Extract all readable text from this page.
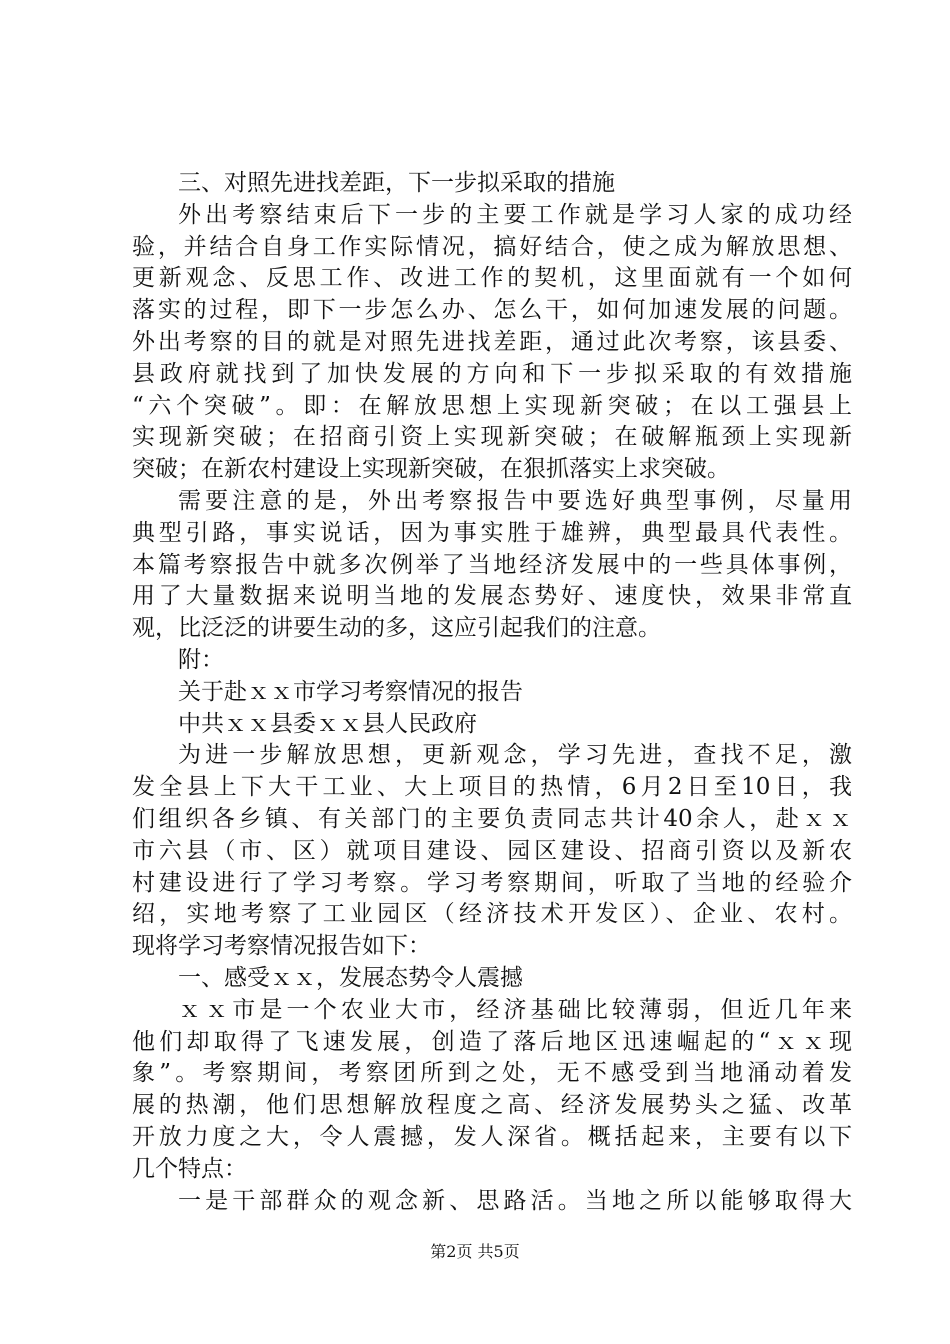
三、对照先进找差距，下一步拟采取的措施
外出考察结束后下一步的主要工作就是学习人家的成功经
验，并结合自身工作实际情况，搞好结合，使之成为解放思想、
更新观念、反思工作、改进工作的契机，这里面就有一个如何
落实的过程，即下一步怎么办、怎么干，如何加速发展的问题。
外出考察的目的就是对照先进找差距，通过此次考察，该县委、
县政府就找到了加快发展的方向和下一步拟采取的有效措施
“六个突破”。即：在解放思想上实现新突破；在以工强县上
实现新突破；在招商引资上实现新突破；在破解瓶颈上实现新
突破；在新农村建设上实现新突破，在狠抓落实上求突破。
需要注意的是，外出考察报告中要选好典型事例，尽量用
典型引路，事实说话，因为事实胜于雄辨，典型最具代表性。
本篇考察报告中就多次例举了当地经济发展中的一些具体事例，
用了大量数据来说明当地的发展态势好、速度快，效果非常直
观，比泛泛的讲要生动的多，这应引起我们的注意。
附：
关于赴ｘｘ市学习考察情况的报告
中共ｘｘ县委ｘｘ县人民政府
为进一步解放思想，更新观念，学习先进，查找不足，激
发全县上下大干工业、大上项目的热情，6月2日至10日，我
们组织各乡镇、有关部门的主要负责同志共计40余人，赴ｘｘ
市六县（市、区）就项目建设、园区建设、招商引资以及新农
村建设进行了学习考察。学习考察期间，听取了当地的经验介
绍，实地考察了工业园区（经济技术开发区）、企业、农村。
现将学习考察情况报告如下：
一、感受ｘｘ，发展态势令人震撼
ｘｘ市是一个农业大市，经济基础比较薄弱，但近几年来
他们却取得了飞速发展，创造了落后地区迅速崛起的“ｘｘ现
象”。考察期间，考察团所到之处，无不感受到当地涌动着发
展的热潮，他们思想解放程度之高、经济发展势头之猛、改革
开放力度之大，令人震撼，发人深省。概括起来，主要有以下
几个特点：
一是干部群众的观念新、思路活。当地之所以能够取得大
第2页 共5页
